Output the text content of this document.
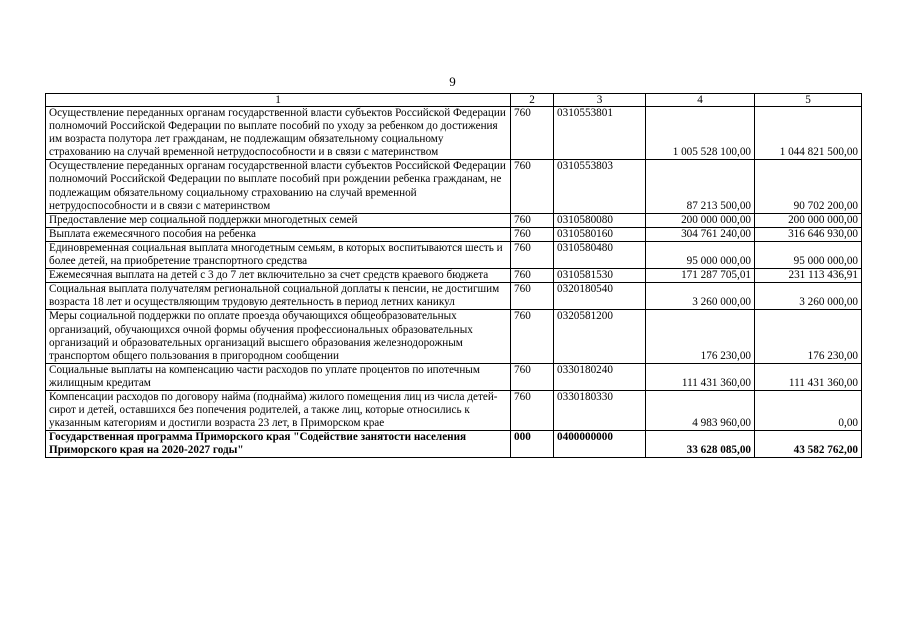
9
1	2	3	4	5
Осуществление переданных органам государственной власти субъектов Российской Федерации полномочий Российской Федерации по выплате пособий по уходу за ребенком до достижения им возраста полутора лет гражданам, не подлежащим обязательному социальному страхованию на случай временной нетрудоспособности и в связи с материнством	760	0310553801	1 005 528 100,00	1 044 821 500,00
Осуществление переданных органам государственной власти субъектов Российской Федерации полномочий Российской Федерации по выплате пособий при рождении ребенка гражданам, не подлежащим обязательному социальному страхованию на случай временной нетрудоспособности и в связи с материнством	760	0310553803	87 213 500,00	90 702 200,00
Предоставление мер социальной поддержки многодетных семей	760	0310580080	200 000 000,00	200 000 000,00
Выплата ежемесячного пособия на ребенка	760	0310580160	304 761 240,00	316 646 930,00
Единовременная социальная выплата многодетным семьям, в которых воспитываются шесть и более детей, на приобретение транспортного средства	760	0310580480	95 000 000,00	95 000 000,00
Ежемесячная выплата на детей с 3 до 7 лет включительно за счет средств краевого бюджета	760	0310581530	171 287 705,01	231 113 436,91
Социальная выплата получателям региональной социальной доплаты к пенсии, не достигшим возраста 18 лет и осуществляющим трудовую деятельность в период летних каникул	760	0320180540	3 260 000,00	3 260 000,00
Меры социальной поддержки по оплате проезда обучающихся общеобразовательных организаций, обучающихся очной формы обучения профессиональных образовательных организаций и образовательных организаций высшего образования железнодорожным транспортом общего пользования в пригородном сообщении	760	0320581200	176 230,00	176 230,00
Социальные выплаты на компенсацию части расходов по уплате процентов по ипотечным жилищным кредитам	760	0330180240	111 431 360,00	111 431 360,00
Компенсации расходов по договору найма (поднайма) жилого помещения лиц из числа детей-сирот и детей, оставшихся без попечения родителей, а также лиц, которые относились к указанным категориям и достигли возраста 23 лет, в Приморском крае	760	0330180330	4 983 960,00	0,00
Государственная программа Приморского края "Содействие занятости населения Приморского края на 2020-2027 годы"	000	0400000000	33 628 085,00	43 582 762,00
